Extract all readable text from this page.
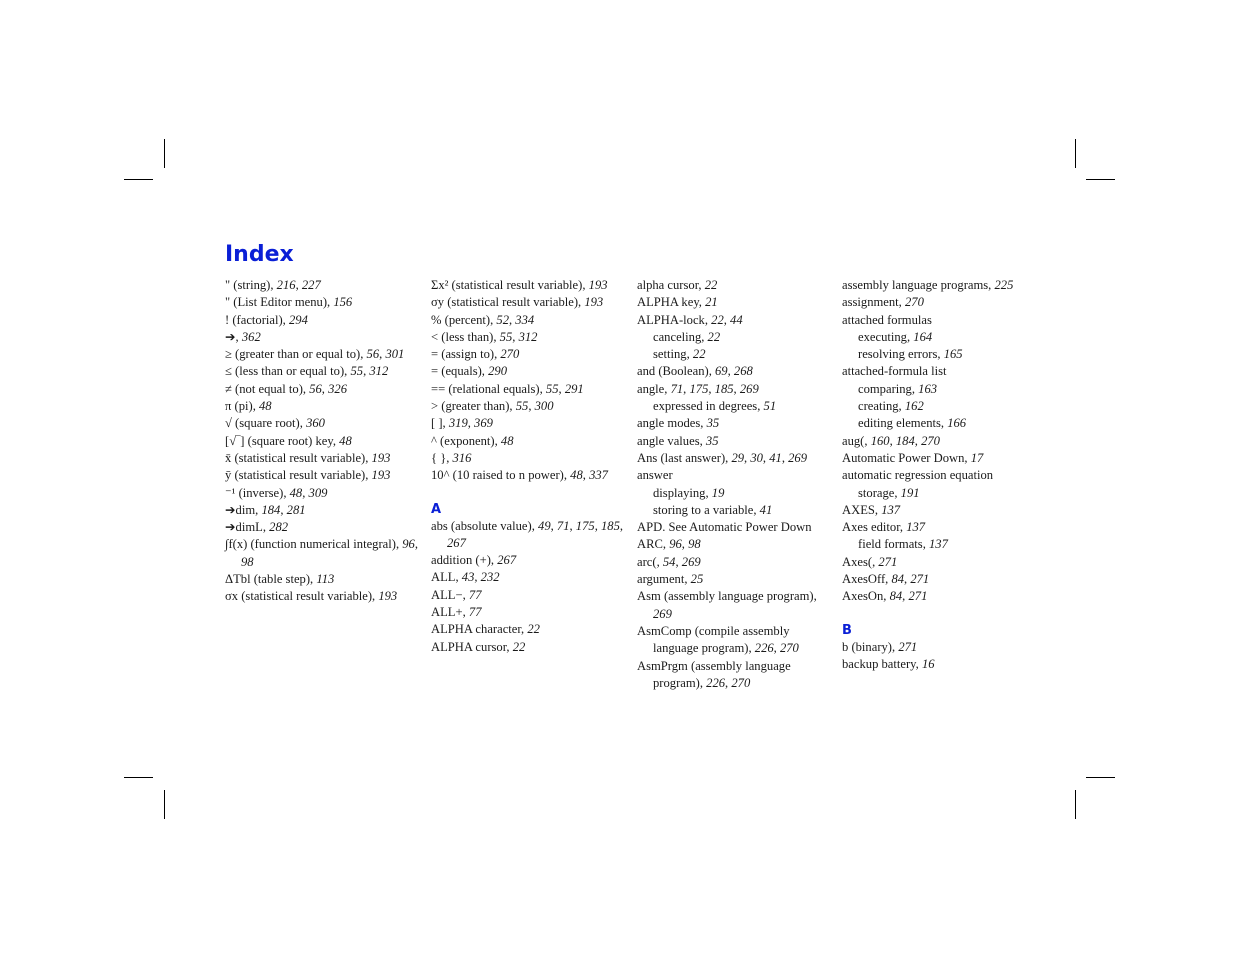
Index
" (string), 216, 227
" (List Editor menu), 156
! (factorial), 294
➔, 362
≥ (greater than or equal to), 56, 301
≤ (less than or equal to), 55, 312
≠ (not equal to), 56, 326
π (pi), 48
√ (square root), 360
[√‾] (square root) key, 48
x̄ (statistical result variable), 193
ȳ (statistical result variable), 193
⁻¹ (inverse), 48, 309
➔dim, 184, 281
➔dimL, 282
∫f(x) (function numerical integral), 96, 98
ΔTbl (table step), 113
σx (statistical result variable), 193
Σx² (statistical result variable), 193
σy (statistical result variable), 193
% (percent), 52, 334
< (less than), 55, 312
= (assign to), 270
= (equals), 290
== (relational equals), 55, 291
> (greater than), 55, 300
[ ], 319, 369
^ (exponent), 48
{ }, 316
10^ (10 raised to n power), 48, 337
A
abs (absolute value), 49, 71, 175, 185, 267
addition (+), 267
ALL, 43, 232
ALL−, 77
ALL+, 77
ALPHA character, 22
ALPHA cursor, 22
alpha cursor, 22
ALPHA key, 21
ALPHA-lock, 22, 44
canceling, 22
setting, 22
and (Boolean), 69, 268
angle, 71, 175, 185, 269
expressed in degrees, 51
angle modes, 35
angle values, 35
Ans (last answer), 29, 30, 41, 269
answer
displaying, 19
storing to a variable, 41
APD. See Automatic Power Down
ARC, 96, 98
arc(, 54, 269
argument, 25
Asm (assembly language program), 269
AsmComp (compile assembly language program), 226, 270
AsmPrgm (assembly language program), 226, 270
assembly language programs, 225
assignment, 270
attached formulas
executing, 164
resolving errors, 165
attached-formula list
comparing, 163
creating, 162
editing elements, 166
aug(, 160, 184, 270
Automatic Power Down, 17
automatic regression equation storage, 191
AXES, 137
Axes editor, 137
field formats, 137
Axes(, 271
AxesOff, 84, 271
AxesOn, 84, 271
B
b (binary), 271
backup battery, 16
